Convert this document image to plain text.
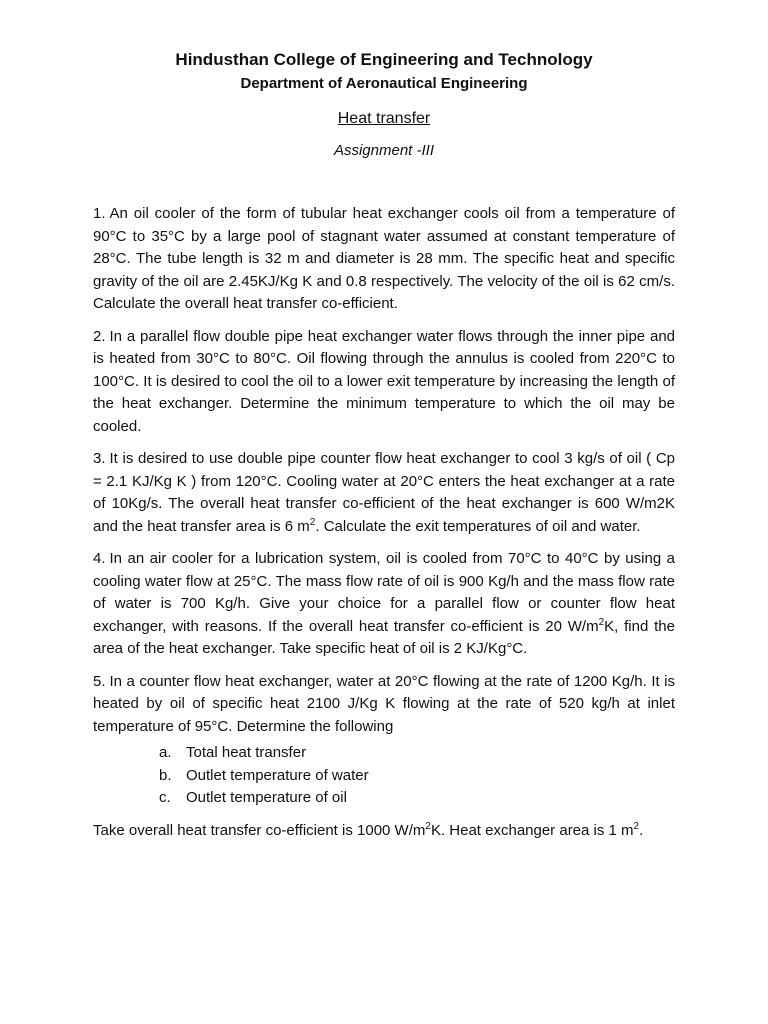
Hindusthan College of Engineering and Technology

Department of Aeronautical Engineering

Heat transfer

Assignment -III

1. An oil cooler of the form of tubular heat exchanger cools oil from a temperature of 90°C to 35°C by a large pool of stagnant water assumed at constant temperature of 28°C. The tube length is 32 m and diameter is 28 mm. The specific heat and specific gravity of the oil are 2.45KJ/Kg K and 0.8 respectively. The velocity of the oil is 62 cm/s. Calculate the overall heat transfer co-efficient.

2. In a parallel flow double pipe heat exchanger water flows through the inner pipe and is heated from 30°C to 80°C. Oil flowing through the annulus is cooled from 220°C to 100°C. It is desired to cool the oil to a lower exit temperature by increasing the length of the heat exchanger. Determine the minimum temperature to which the oil may be cooled.

3. It is desired to use double pipe counter flow heat exchanger to cool 3 kg/s of oil ( Cp = 2.1 KJ/Kg K ) from 120°C. Cooling water at 20°C enters the heat exchanger at a rate of 10Kg/s. The overall heat transfer co-efficient of the heat exchanger is 600 W/m2K and the heat transfer area is 6 $m^2$. Calculate the exit temperatures of oil and water.

4. In an air cooler for a lubrication system, oil is cooled from 70°C to 40°C by using a cooling water flow at 25°C. The mass flow rate of oil is 900 Kg/h and the mass flow rate of water is 700 Kg/h. Give your choice for a parallel flow or counter flow heat exchanger, with reasons. If the overall heat transfer co-efficient is 20 $W/m^2K$, find the area of the heat exchanger. Take specific heat of oil is 2 KJ/Kg°C.

5. In a counter flow heat exchanger, water at 20°C flowing at the rate of 1200 Kg/h. It is heated by oil of specific heat 2100 J/Kg K flowing at the rate of 520 kg/h at inlet temperature of 95°C. Determine the following

a. Total heat transfer
b. Outlet temperature of water
c.	Outlet temperature of oil

Take overall heat transfer co-efficient is 1000 $W/m^2K$. Heat exchanger area is 1 $m^2$.
